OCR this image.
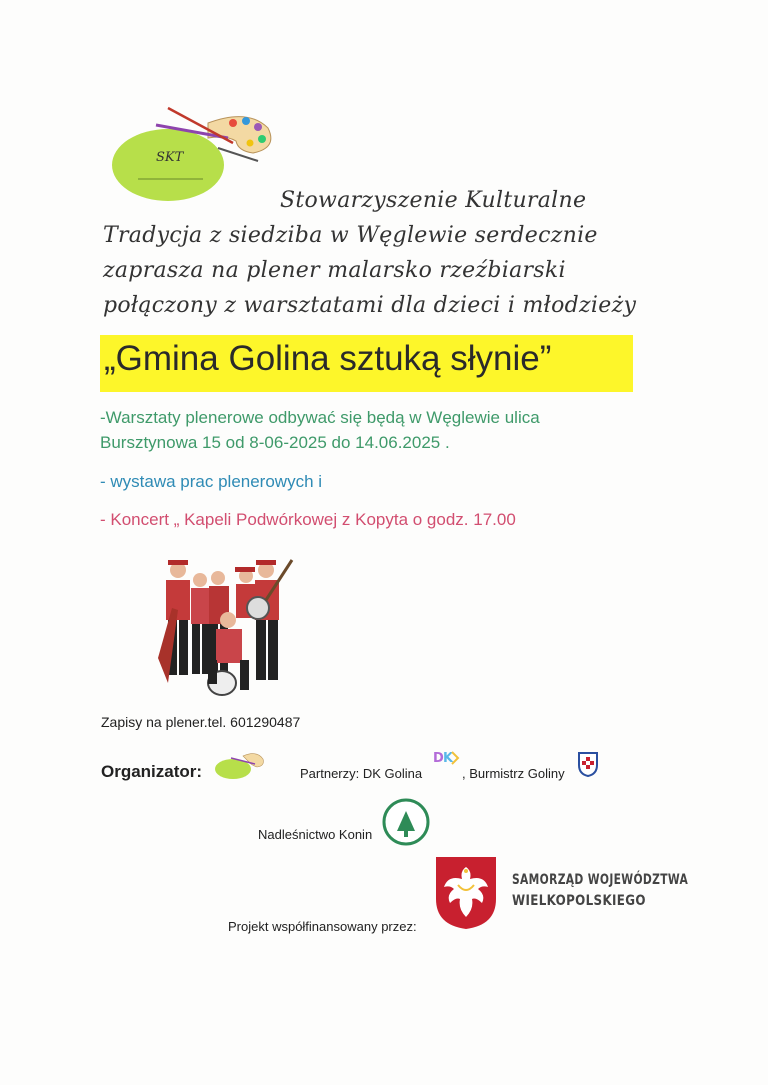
SKT
Stowarzyszenie Kulturalne
Tradycja z siedziba w Węglewie serdecznie
zaprasza na plener malarsko rzeźbiarski
połączony z warsztatami dla dzieci i młodzieży
„Gmina Golina sztuką słynie”
-Warsztaty plenerowe odbywać się będą w Węglewie ulica
Bursztynowa 15 od 8-06-2025 do 14.06.2025 .
- wystawa prac plenerowych i
- Koncert „ Kapeli Podwórkowej z Kopyta o godz. 17.00
Zapisy na plener.tel. 601290487
Organizator:	Partnerzy: DK Golina
D K
, Burmistrz Goliny
Nadleśnictwo Konin
SAMORZĄD WOJEWÓDZTWA
WIELKOPOLSKIEGO
Projekt współfinansowany przez:
